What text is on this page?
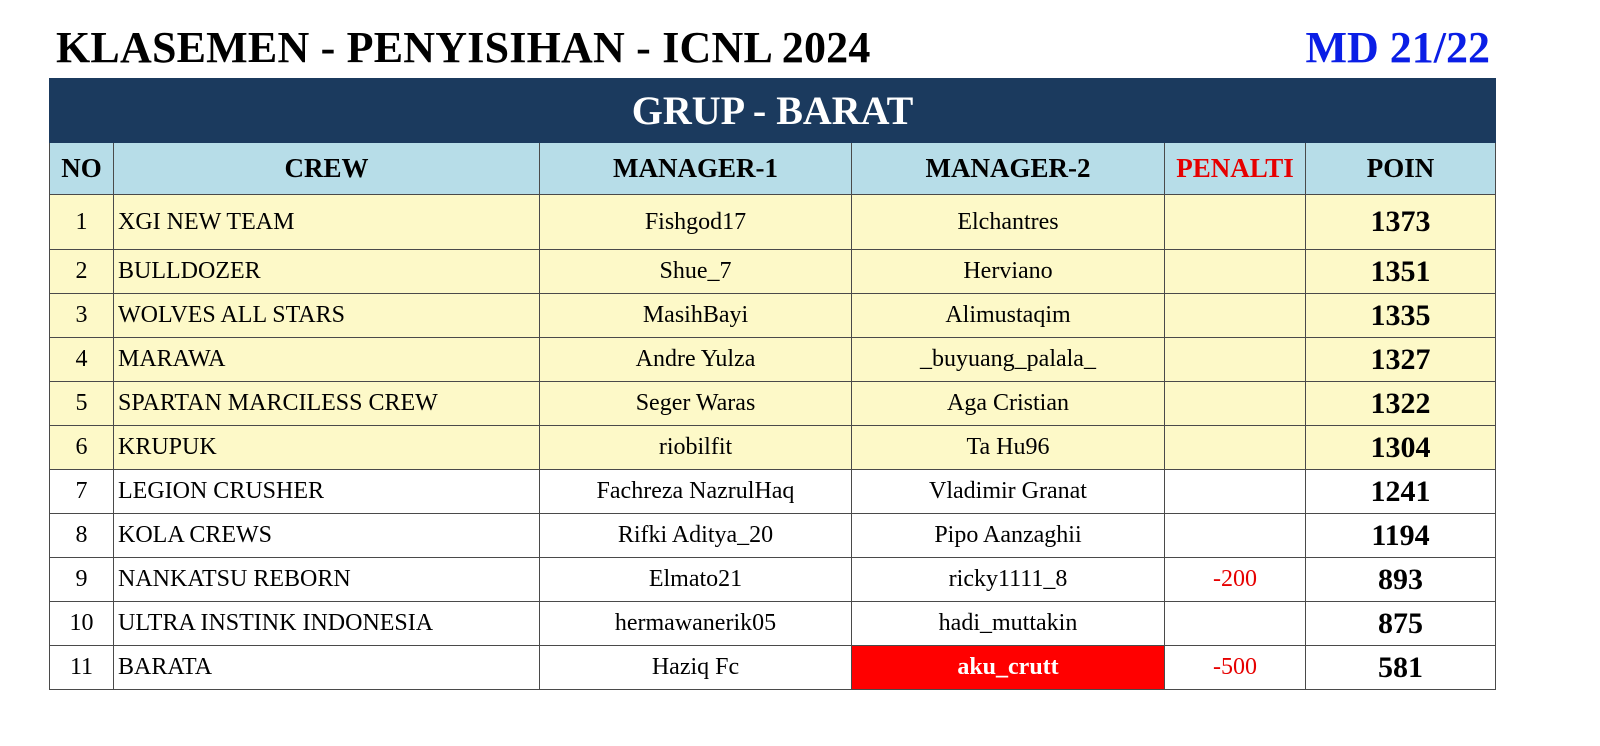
KLASEMEN - PENYISIHAN - ICNL 2024	MD 21/22
GRUP - BARAT					
NO	CREW	MANAGER-1	MANAGER-2	PENALTI	POIN
1	XGI NEW TEAM	Fishgod17	Elchantres		1373
2	BULLDOZER	Shue_7	Herviano		1351
3	WOLVES ALL STARS	MasihBayi	Alimustaqim		1335
4	MARAWA	Andre Yulza	_buyuang_palala_		1327
5	SPARTAN MARCILESS CREW	Seger Waras	Aga Cristian		1322
6	KRUPUK	riobilfit	Ta Hu96		1304
7	LEGION CRUSHER	Fachreza NazrulHaq	Vladimir Granat		1241
8	KOLA CREWS	Rifki Aditya_20	Pipo Aanzaghii		1194
9	NANKATSU REBORN	Elmato21	ricky1111_8	-200	893
10	ULTRA INSTINK INDONESIA	hermawanerik05	hadi_muttakin		875
11	BARATA	Haziq Fc	aku_crutt	-500	581
